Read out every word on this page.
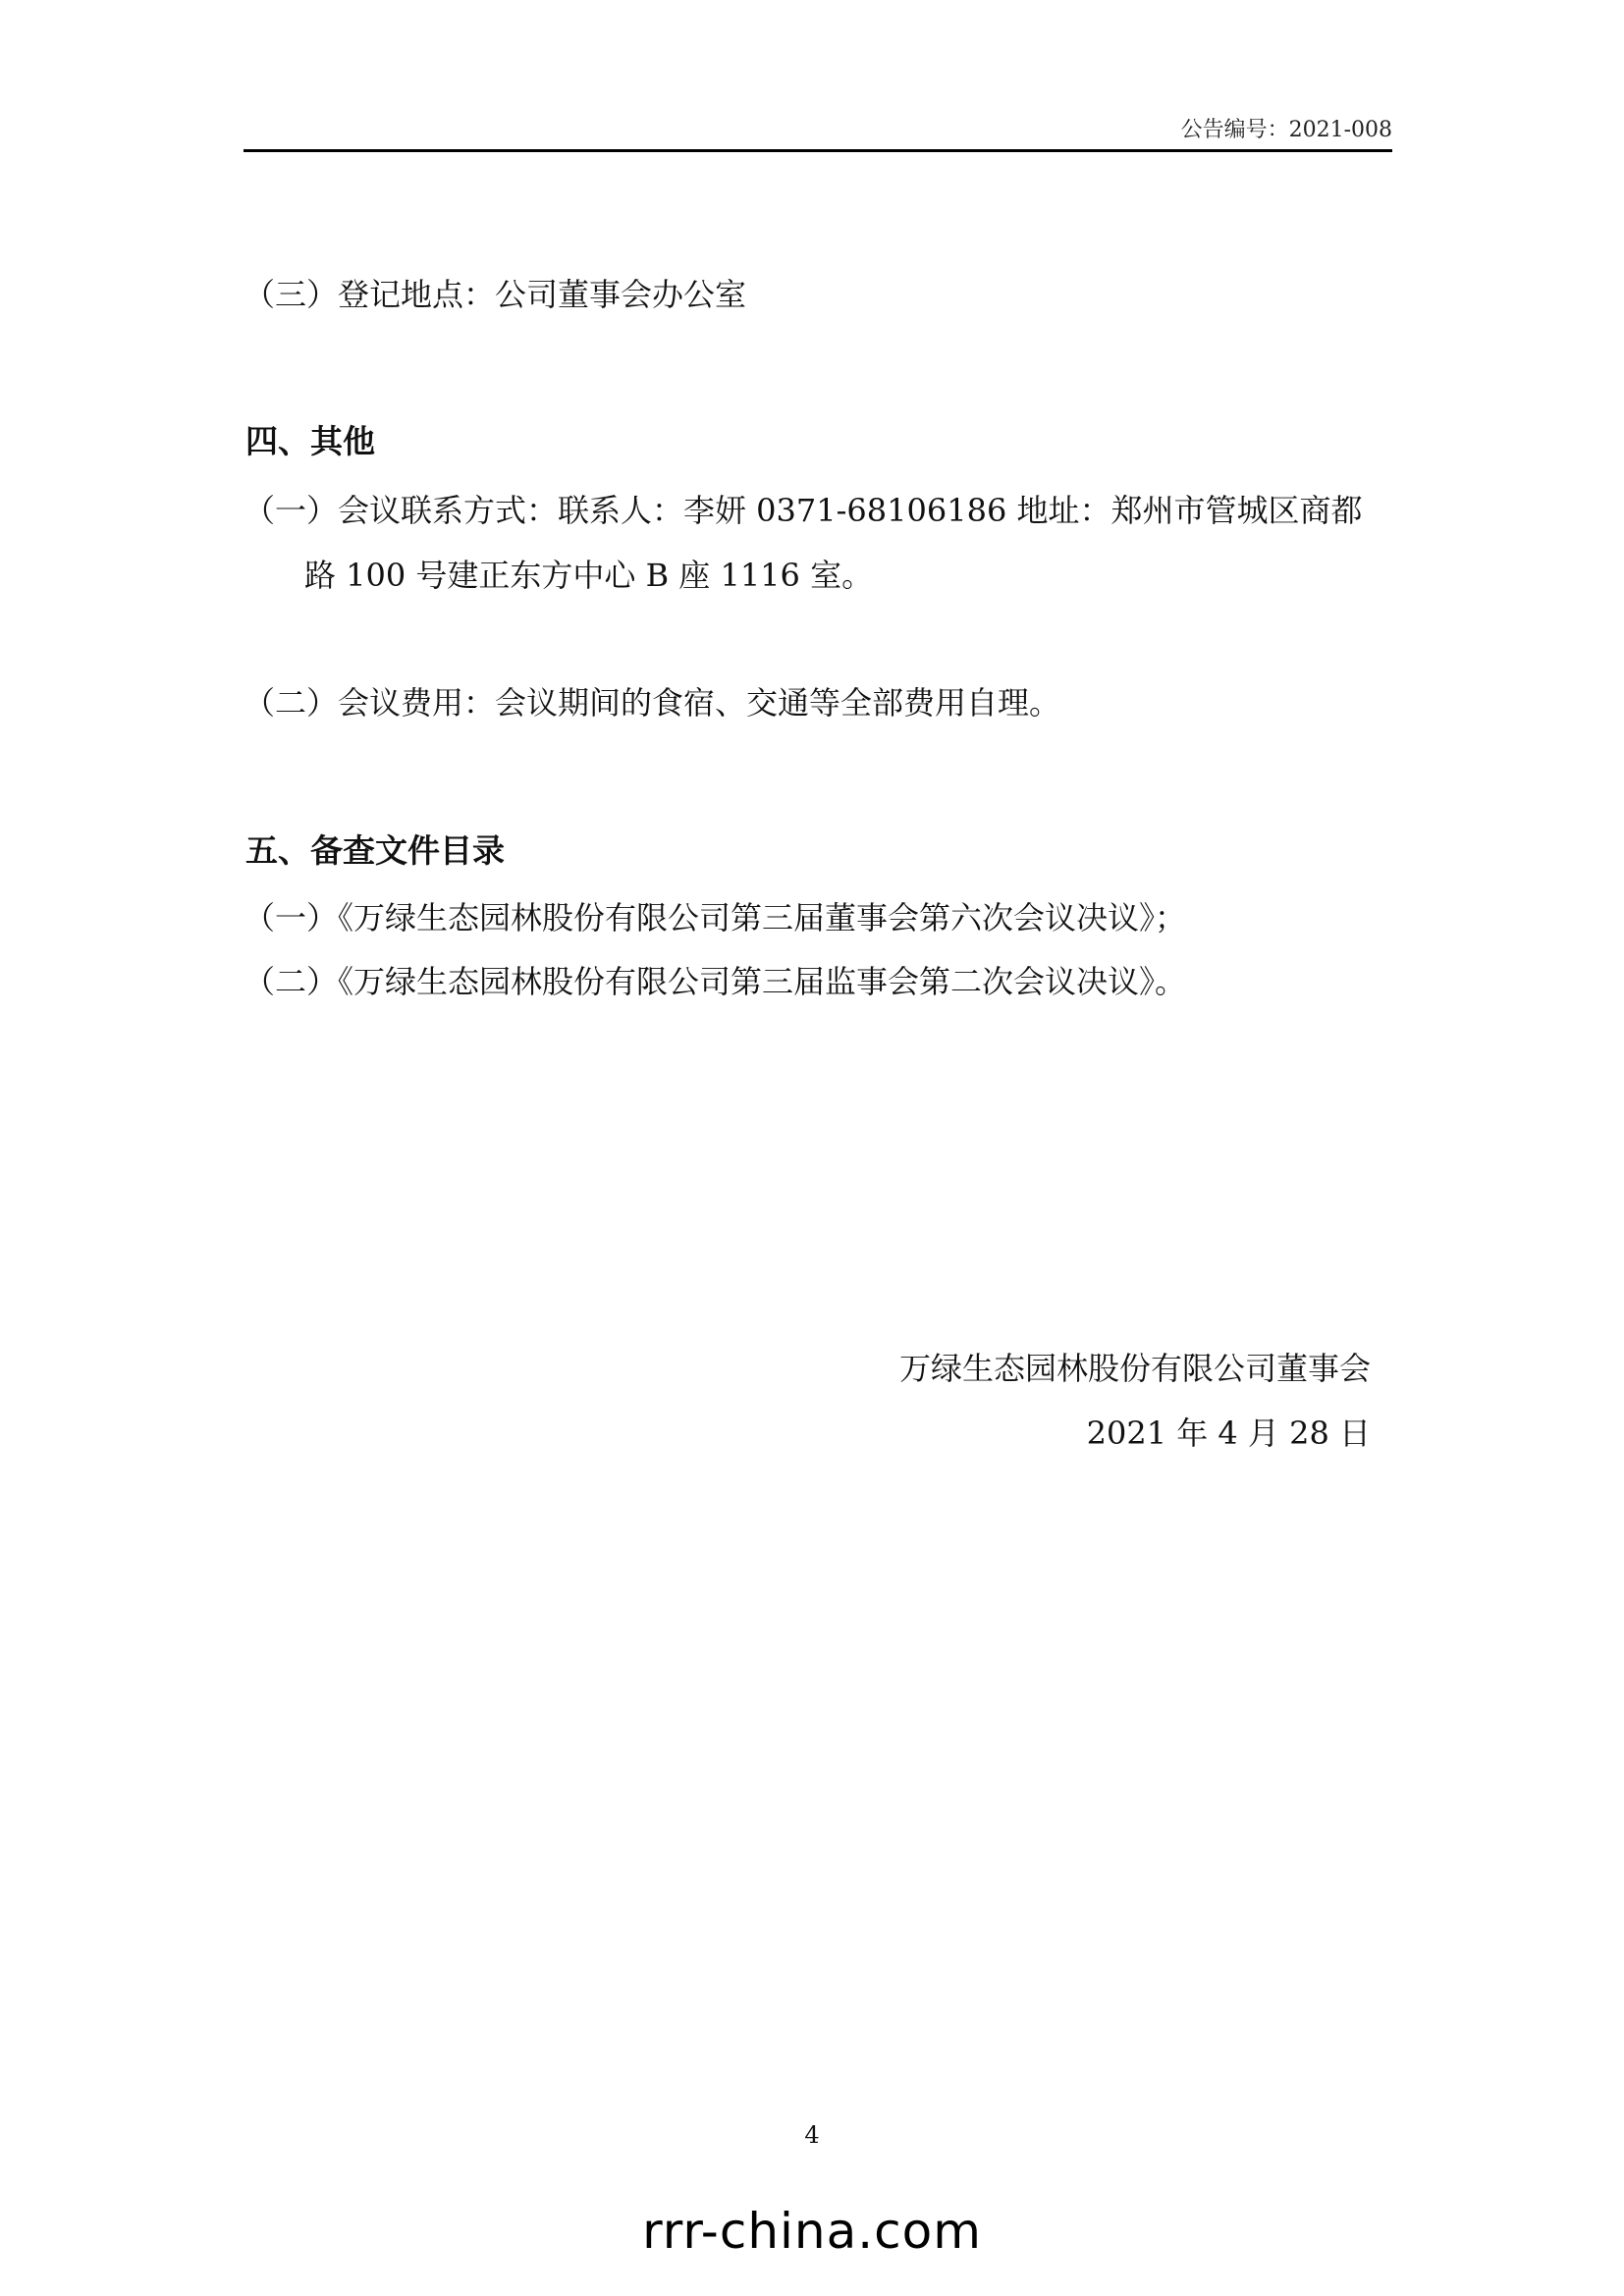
公告编号：2021-008
（三）登记地点：公司董事会办公室
四、其他
（一）会议联系方式：联系人：李妍 0371-68106186 地址：郑州市管城区商都
路 100 号建正东方中心 B 座 1116 室。
（二）会议费用：会议期间的食宿、交通等全部费用自理。
五、备查文件目录
（一）《万绿生态园林股份有限公司第三届董事会第六次会议决议》；
（二）《万绿生态园林股份有限公司第三届监事会第二次会议决议》。
万绿生态园林股份有限公司董事会
2021 年 4 月 28 日
4
rrr-china.com
